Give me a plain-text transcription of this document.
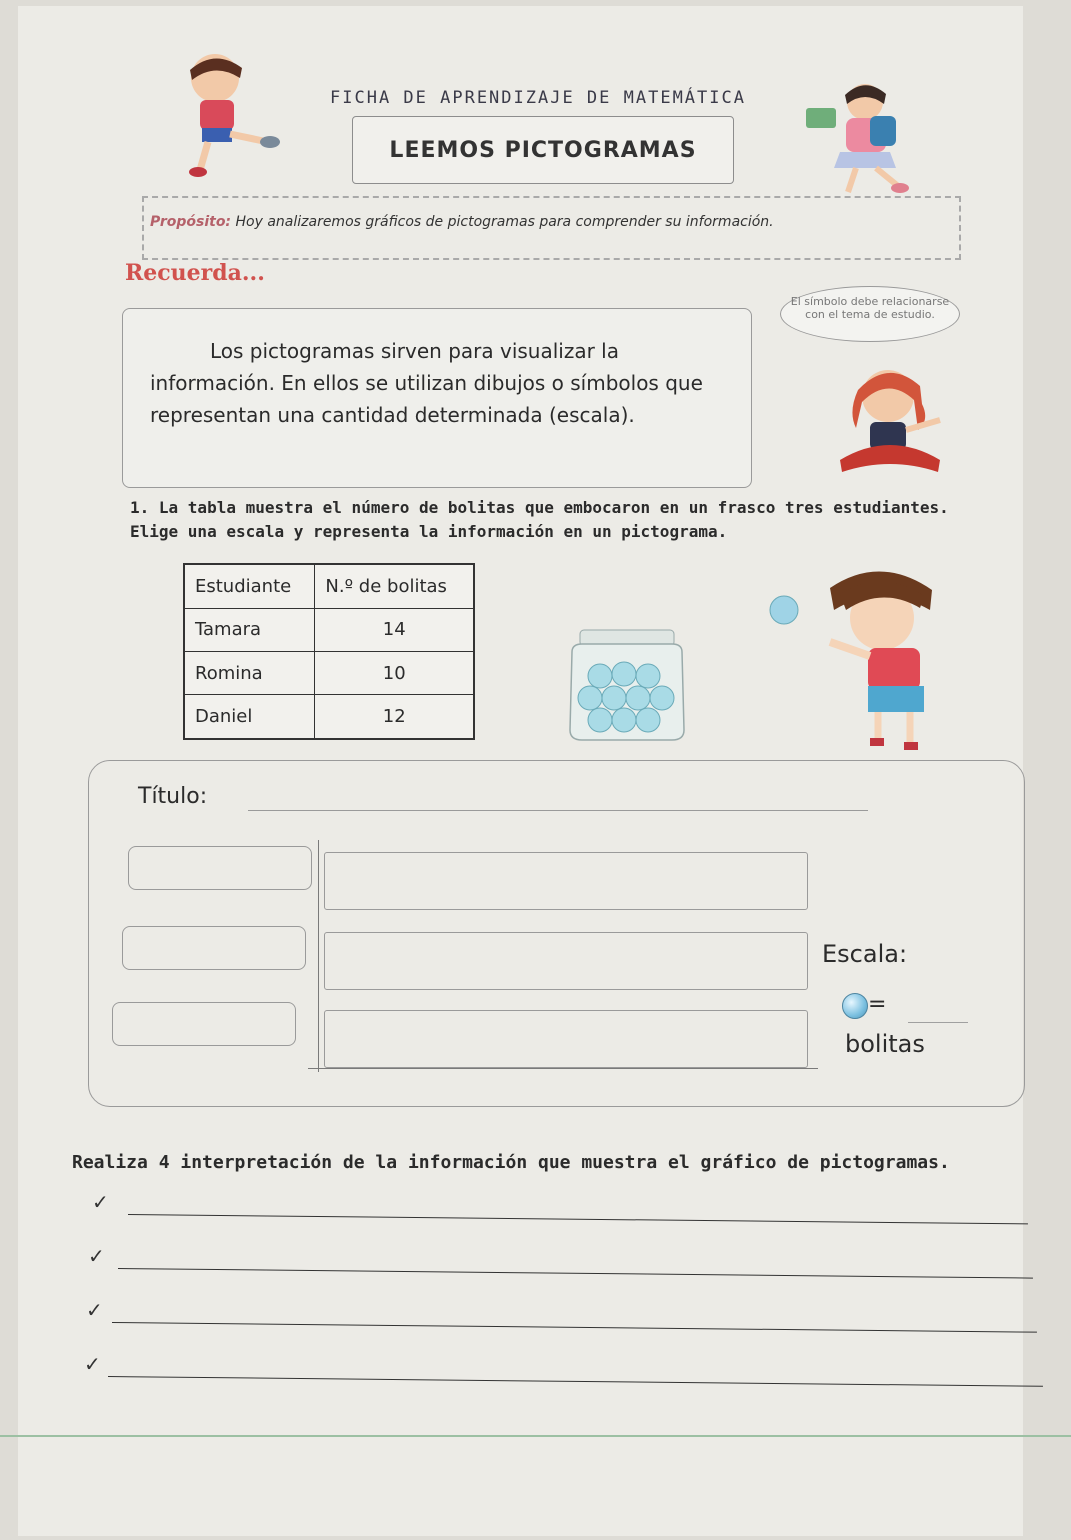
FICHA DE APRENDIZAJE DE MATEMÁTICA
LEEMOS PICTOGRAMAS
Propósito: Hoy analizaremos gráficos de pictogramas para comprender su información.
Recuerda...
Los pictogramas sirven para visualizar la información. En ellos se utilizan dibujos o símbolos que representan una cantidad determinada (escala).
El símbolo debe relacionarse con el tema de estudio.
1. La tabla muestra el número de bolitas que embocaron en un frasco tres estudiantes. Elige una escala y representa la información en un pictograma.
Estudiante	N.º de bolitas
Tamara	14
Romina	10
Daniel	12
Título:
Escala:
=
bolitas
Realiza 4 interpretación de la información que muestra el gráfico de pictogramas.
✓
✓
✓
✓
